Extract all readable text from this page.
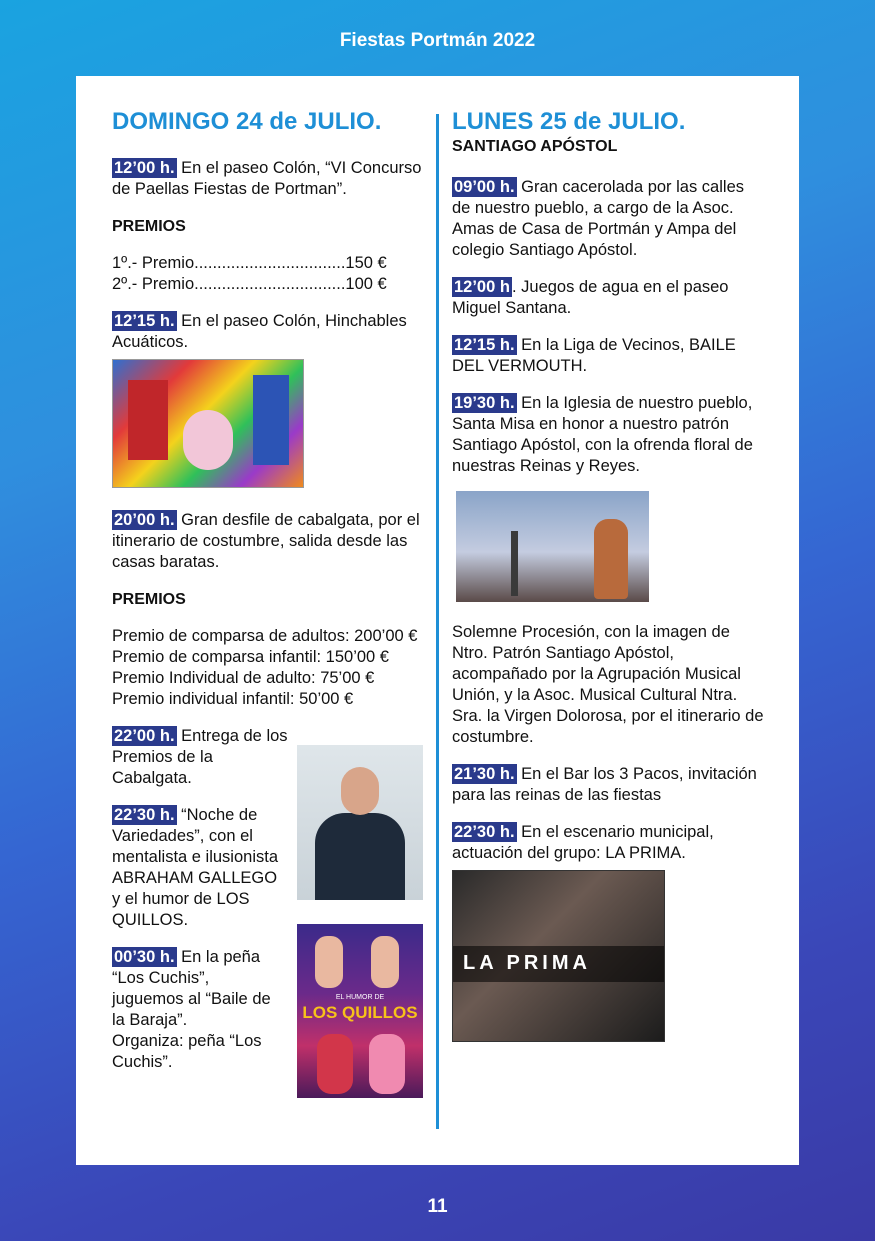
Fiestas Portmán 2022
DOMINGO 24 de JULIO.

12’00 h. En el paseo Colón, “VI Concurso de Paellas Fiestas de Portman”.

PREMIOS
1º.- Premio.................................150 €
2º.- Premio.................................100 €

12’15 h. En el paseo Colón, Hinchables Acuáticos.

20’00 h. Gran desfile de cabalgata, por el itinerario de costumbre, salida desde las casas baratas.

PREMIOS
Premio de comparsa de adultos: 200’00 €
Premio de comparsa infantil: 150’00 €
Premio Individual de adulto: 75’00 €
Premio individual infantil: 50’00 €

22’00 h. Entrega de los Premios de la Cabalgata.

22’30 h. “Noche de Variedades”, con el mentalista e ilusionista ABRAHAM GALLEGO y el humor de LOS QUILLOS.

00’30 h. En la peña “Los Cuchis”, juguemos al “Baile de la Baraja”.

Organiza: peña “Los Cuchis”.
EL HUMOR DE
LOS QUILLOS
LUNES 25 de JULIO.
SANTIAGO APÓSTOL

09’00 h. Gran cacerolada por las calles de nuestro pueblo, a cargo de la Asoc. Amas de Casa de Portmán y Ampa del colegio Santiago Apóstol.

12’00 h . Juegos de agua en el paseo Miguel Santana.

12’15 h. En la Liga de Vecinos, BAILE DEL VERMOUTH.

19’30 h. En la Iglesia de nuestro pueblo, Santa Misa en honor a nuestro patrón Santiago Apóstol, con la ofrenda floral de nuestras Reinas y Reyes.

Solemne Procesión, con la imagen de Ntro. Patrón Santiago Apóstol, acompañado por la Agrupación Musical Unión, y la Asoc. Musical Cultural Ntra. Sra. la Virgen Dolorosa, por el itinerario de costumbre.

21’30 h. En el Bar los 3 Pacos, invitación para las reinas de las fiestas

22’30 h. En el escenario municipal, actuación del grupo: LA PRIMA.

LA PRIMA
11
